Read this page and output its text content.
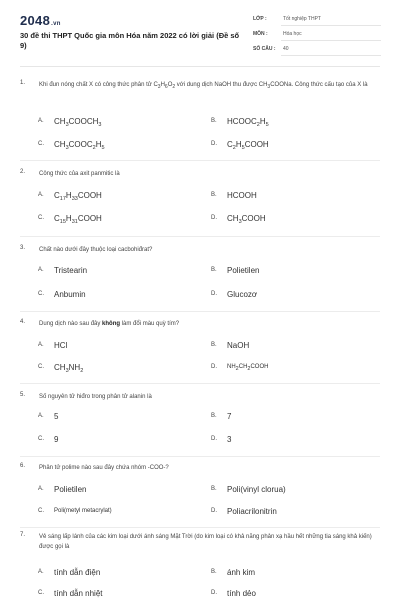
2048.vn
30 đề thi THPT Quốc gia môn Hóa năm 2022 có lời giải (Đề số 9)
LỚP :	Tốt nghiệp THPT
MÔN :	Hóa học
SỐ CÂU : 40
1. Khi đun nóng chất X có công thức phân tử $C_3H_6O_2$ với dung dịch NaOH thu được $CH_3COONa$. Công thức cấu tạo của X là
A. $CH_3COOCH_3$
B. $HCOOC_2H_5$
C. $CH_3COOC_2H_5$
D. $C_2H_5COOH$
2. Công thức của axit panmitic là
A. $C_{17}H_{33}COOH$	B. HCOOH
C. $C_{15}H_{31}COOH$	D. $CH_3COOH$
3. Chất nào dưới đây thuộc loại cacbohiđrat?
A. Tristearin	B. Polietilen
C. Anbumin	D. Glucozơ
4. Dung dịch nào sau đây không làm đổi màu quỳ tím?
A. HCl	B. NaOH
C. $CH_3NH_2$
D. $NH_2CH_2COOH$
5. Số nguyên tử hiđro trong phân tử alanin là
A. 5	B. 7
C. 9	D. 3
6. Phân tử polime nào sau đây chứa nhóm -COO-?
A. Polietilen	B. Poli(vinyl clorua)
C. Poli(metyl metacrylat)	D. Poliacrilonitrin
7. Vẻ sáng lấp lánh của các kim loại dưới ánh sáng Mặt Trời (do kim loại có khả năng phản xạ hầu hết những tia sáng khả kiến) được gọi là
A. tính dẫn điện	B. ánh kim
C. tính dẫn nhiệt	D. tính dẻo
